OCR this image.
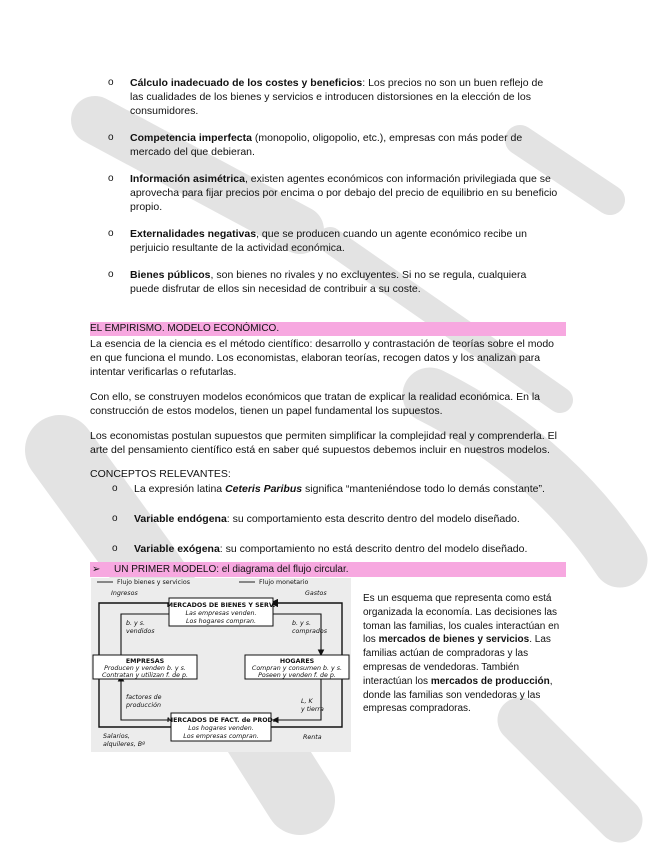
o Cálculo inadecuado de los costes y beneficios: Los precios no son un buen reflejo de las cualidades de los bienes y servicios e introducen distorsiones en la elección de los consumidores.
o Competencia imperfecta (monopolio, oligopolio, etc.), empresas con más poder de mercado del que debieran.
o Información asimétrica, existen agentes económicos con información privilegiada que se aprovecha para fijar precios por encima o por debajo del precio de equilibrio en su beneficio propio.
o Externalidades negativas, que se producen cuando un agente económico recibe un perjuicio resultante de la actividad económica.
o Bienes públicos, son bienes no rivales y no excluyentes. Si no se regula, cualquiera puede disfrutar de ellos sin necesidad de contribuir a su coste.
EL EMPIRISMO. MODELO ECONÓMICO.

La esencia de la ciencia es el método científico: desarrollo y contrastación de teorías sobre el modo en que funciona el mundo. Los economistas, elaboran teorías, recogen datos y los analizan para intentar verificarlas o refutarlas.

Con ello, se construyen modelos económicos que tratan de explicar la realidad económica. En la construcción de estos modelos, tienen un papel fundamental los supuestos.

Los economistas postulan supuestos que permiten simplificar la complejidad real y comprenderla. El arte del pensamiento científico está en saber qué supuestos debemos incluir en nuestros modelos.

CONCEPTOS RELEVANTES:
o La expresión latina Ceteris Paribus significa “manteniéndose todo lo demás constante”.
o Variable endógena: su comportamiento esta descrito dentro del modelo diseñado.
o Variable exógena: su comportamiento no está descrito dentro del modelo diseñado.
➢ UN PRIMER MODELO: el diagrama del flujo circular.
Flujo bienes y servicios	Flujo monetario
MERCADOS DE BIENES Y SERV.
Las empresas venden.
Los hogares compran.
EMPRESAS
Producen y venden b. y s.
Contratan y utilizan f. de p.
HOGARES
Compran y consumen b. y s.
Poseen y venden f. de p.
MERCADOS DE FACT. de PROD.
Los hogares venden.
Los empresas compran.
Ingresos	Gastos
b. y s.
vendidos
b. y s.
comprados
factores de
producción
L, K
y tierra
Salarios,
alquileres, Bº
Renta

Es un esquema que representa como está organizada la economía. Las decisiones las toman las familias, los cuales interactúan en los mercados de bienes y servicios. Las familias actúan de compradoras y las empresas de vendedoras. También interactúan los mercados de producción, donde las familias son vendedoras y las empresas compradoras.
